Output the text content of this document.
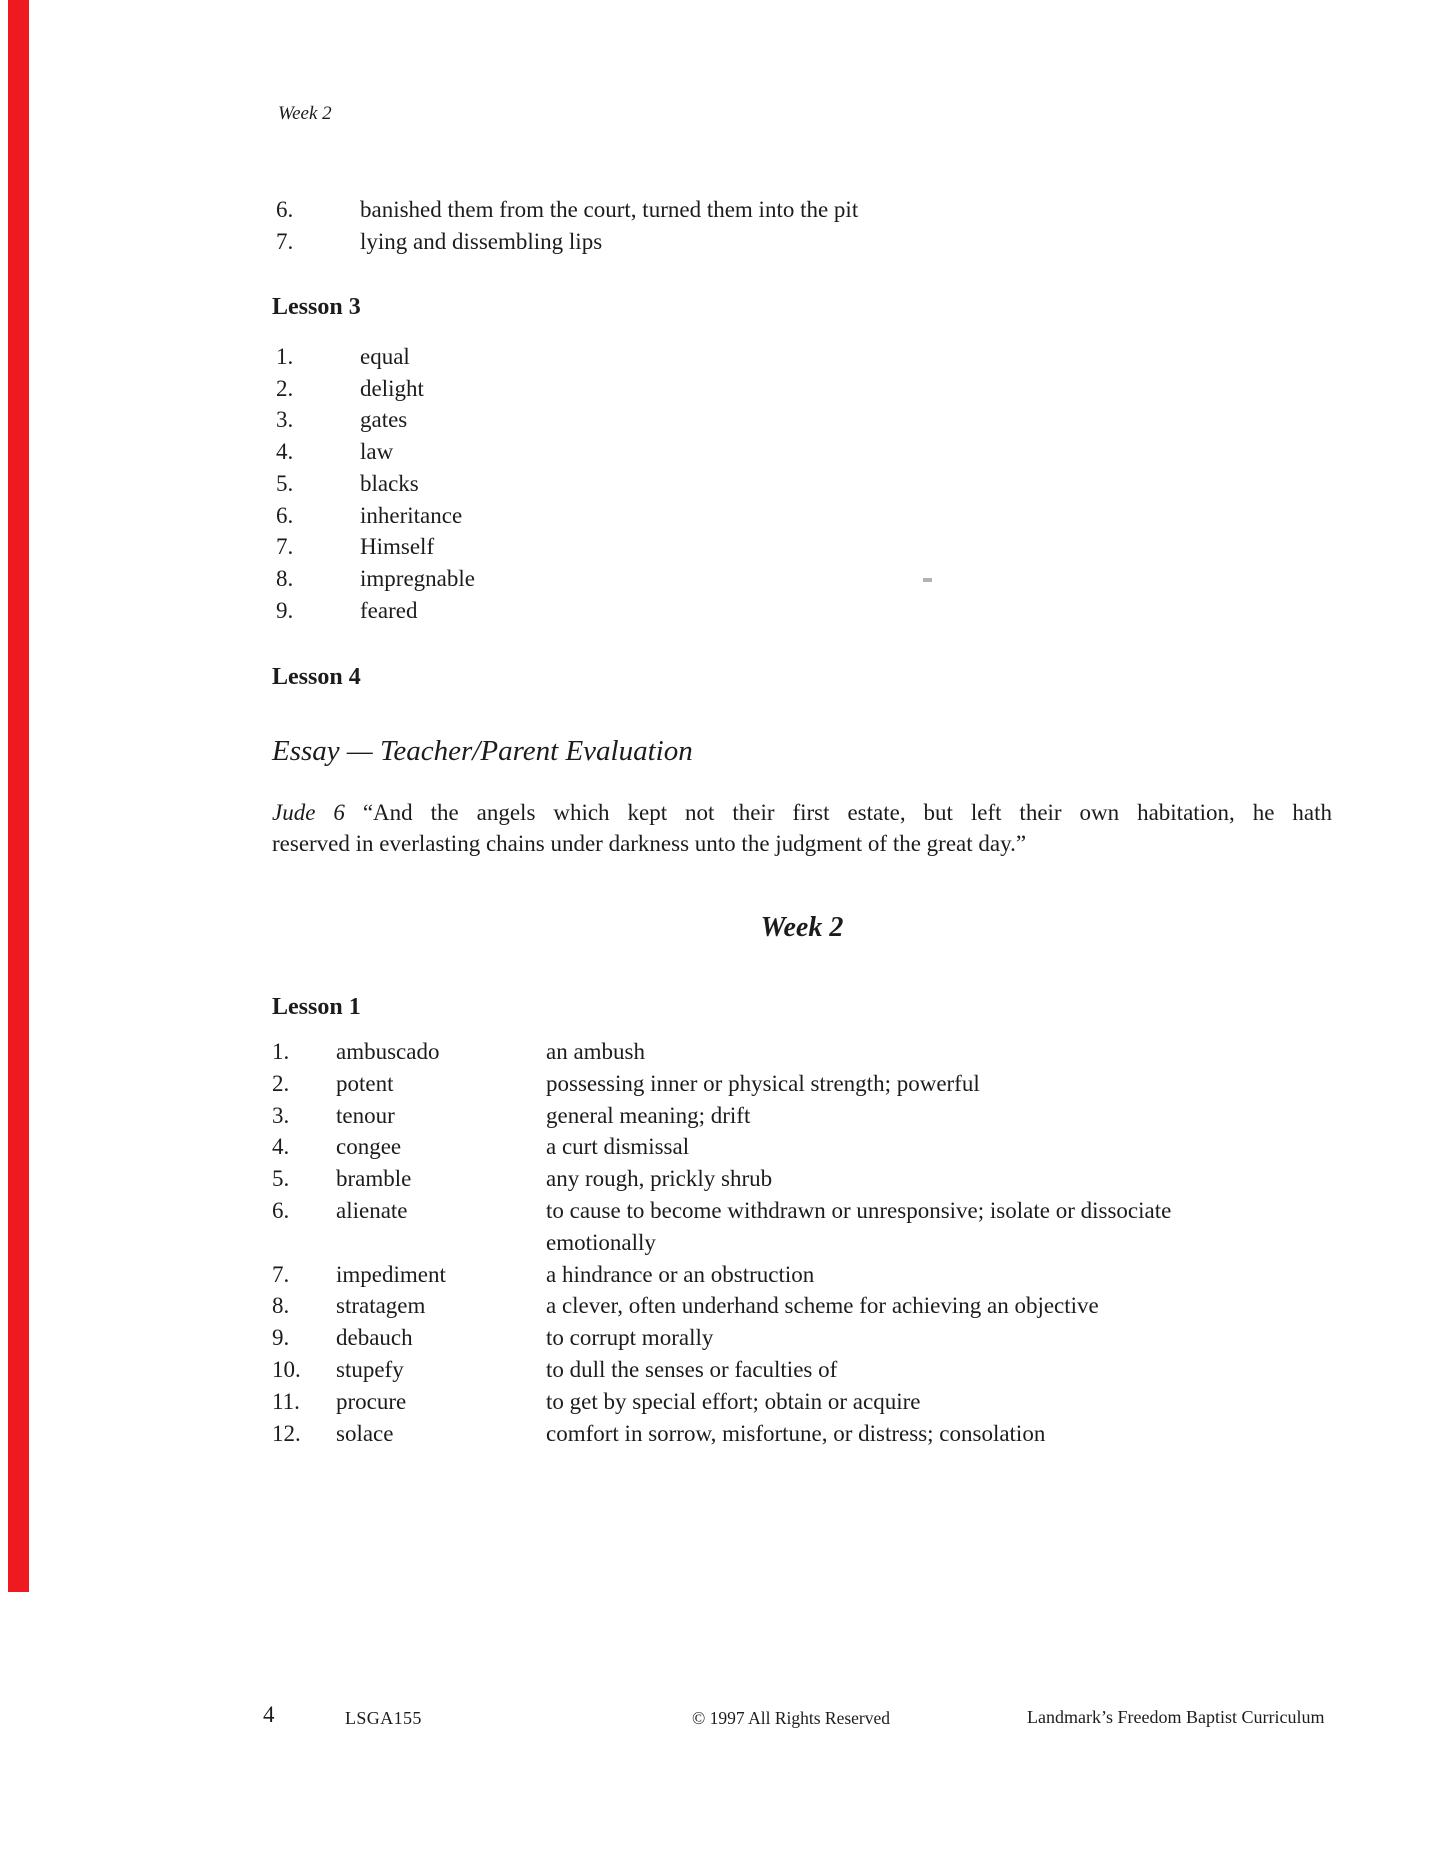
Week 2
6.	banished them from the court, turned them into the pit
7.	lying and dissembling lips
Lesson 3
1.	equal
2.	delight
3.	gates
4.	law
5.	blacks
6.	inheritance
7.	Himself
8.	impregnable
9.	feared
Lesson 4
Essay — Teacher/Parent Evaluation
Jude 6 “And the angels which kept not their first estate, but left their own habitation, he hath
reserved in everlasting chains under darkness unto the judgment of the great day.”
Week 2
Lesson 1
1.	ambuscado	an ambush
2.	potent	possessing inner or physical strength; powerful
3.	tenour	general meaning; drift
4.	congee	a curt dismissal
5.	bramble	any rough, prickly shrub
6.	alienate	to cause to become withdrawn or unresponsive; isolate or dissociate
emotionally
7.	impediment	a hindrance or an obstruction
8.	stratagem	a clever, often underhand scheme for achieving an objective
9.	debauch	to corrupt morally
10.	stupefy	to dull the senses or faculties of
11.	procure	to get by special effort; obtain or acquire
12.	solace	comfort in sorrow, misfortune, or distress; consolation
4	LSGA155	© 1997 All Rights Reserved	Landmark’s Freedom Baptist Curriculum
